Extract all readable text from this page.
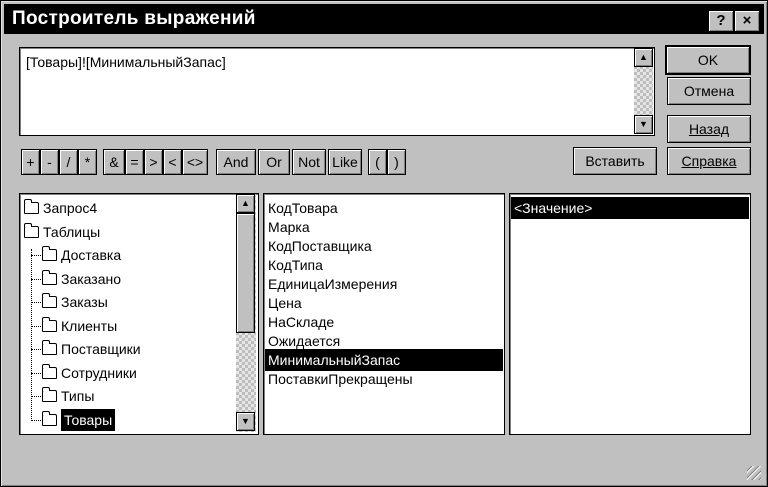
Построитель выражений	?	×
[Товары]![МинимальныйЗапас]	▲
▼
OK
Отмена
Назад
Вставить	Справка
+ -	/	*	& = > < <>	And	Or	Not Like	(	)
Запрос4
Таблицы
Доставка
Заказано
Заказы
Клиенты
Поставщики
Сотрудники
Типы
Товары
▲
▼
КодТовара
Марка
КодПоставщика
КодТипа
ЕдиницаИзмерения
Цена
НаСкладе
Ожидается
МинимальныйЗапас
ПоставкиПрекращены
<Значение>
